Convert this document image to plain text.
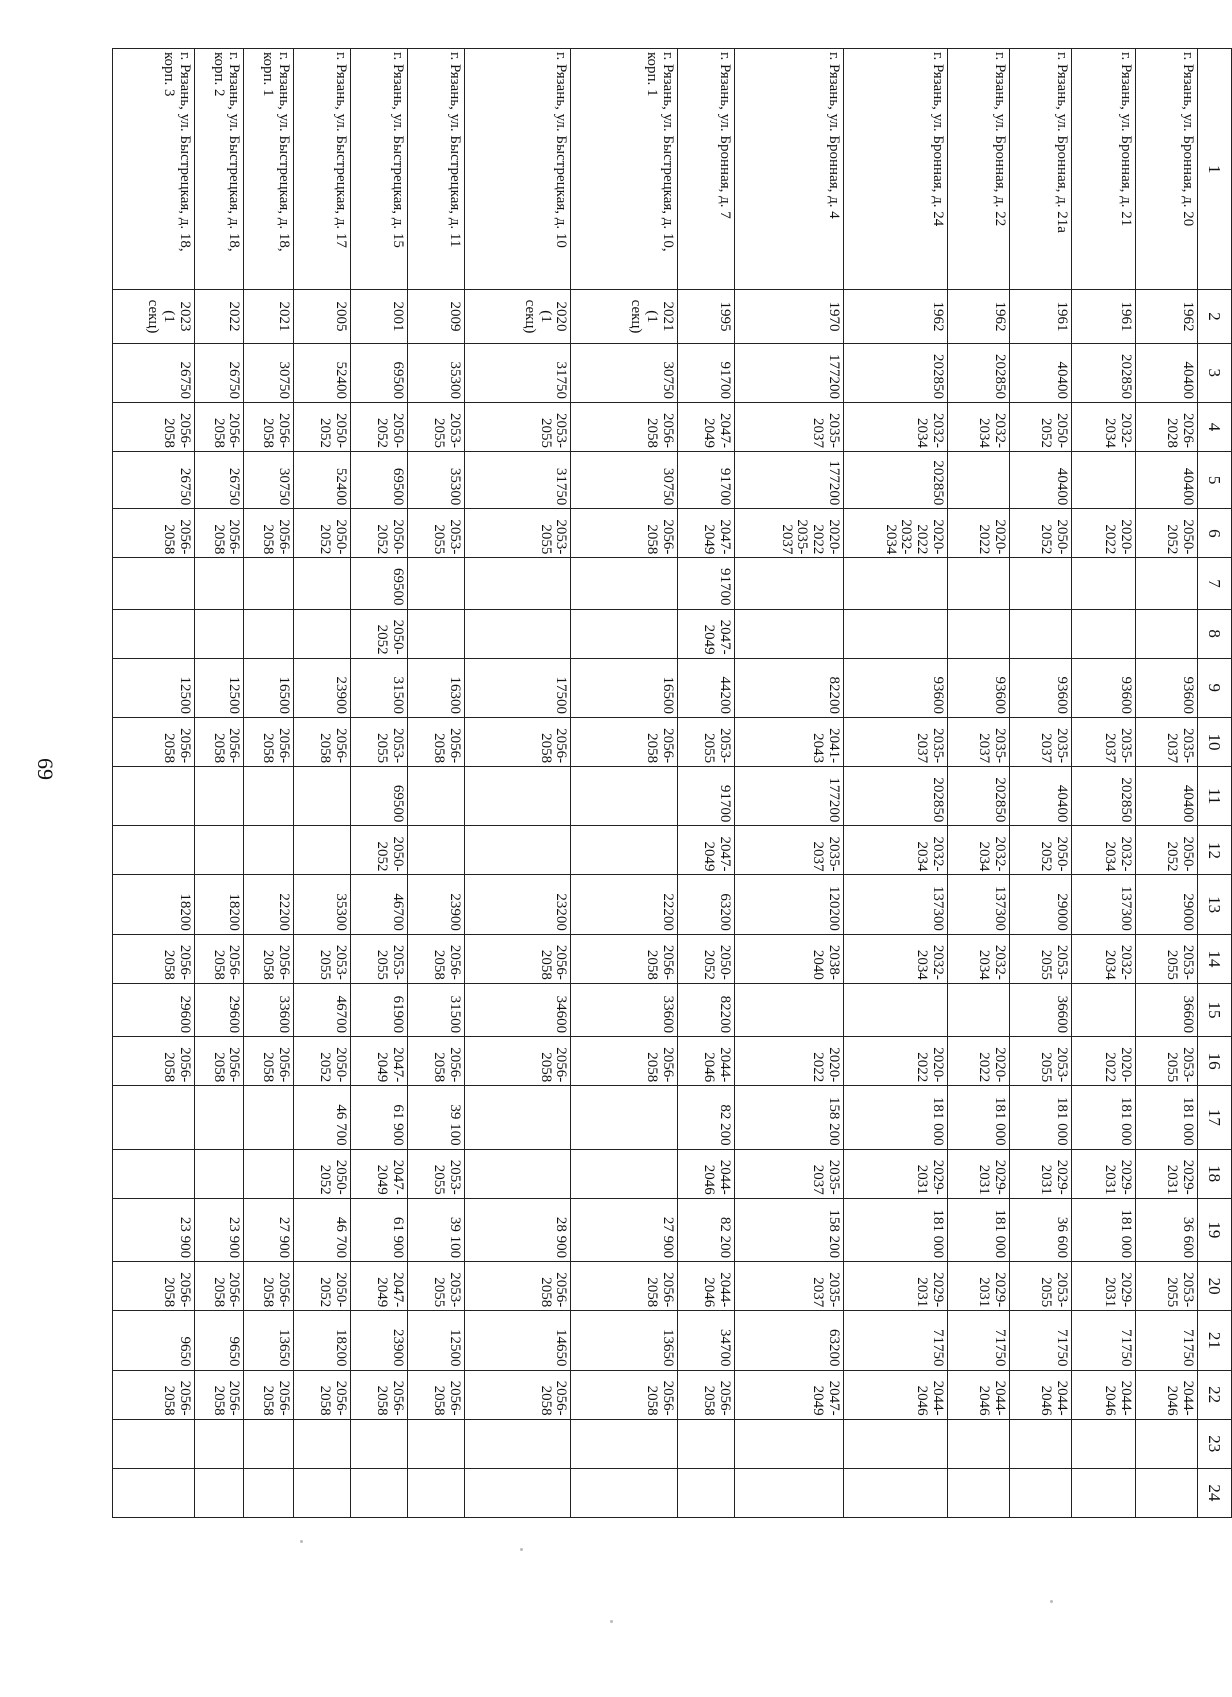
69
1	2	3	4	5	6	7	8	9	10	11	12	13	14	15	16	17	18	19	20	21	22	23	24
г. Рязань, ул. Бронная, д. 20	1962	40400	2026-2028	40400	2050-2052			93600	2035-2037	40400	2050-2052	29000	2053-2055	36600	2053-2055	181 000	2029-2031	36 600	2053-2055	71750	2044-2046		
г. Рязань, ул. Бронная, д. 21	1961	202850	2032-2034		2020-2022			93600	2035-2037	202850	2032-2034	137300	2032-2034		2020-2022	181 000	2029-2031	181 000	2029-2031	71750	2044-2046		
г. Рязань, ул. Бронная, д. 21а	1961	40400	2050-2052	40400	2050-2052			93600	2035-2037	40400	2050-2052	29000	2053-2055	36600	2053-2055	181 000	2029-2031	36 600	2053-2055	71750	2044-2046		
г. Рязань, ул. Бронная, д. 22	1962	202850	2032-2034		2020-2022			93600	2035-2037	202850	2032-2034	137300	2032-2034		2020-2022	181 000	2029-2031	181 000	2029-2031	71750	2044-2046		
г. Рязань, ул. Бронная, д. 24	1962	202850	2032-2034	202850	2020-2022 2032-2034			93600	2035-2037	202850	2032-2034	137300	2032-2034		2020-2022	181 000	2029-2031	181 000	2029-2031	71750	2044-2046		
г. Рязань, ул. Бронная, д. 4	1970	177200	2035-2037	177200	2020-2022 2035-2037			82200	2041-2043	177200	2035-2037	120200	2038-2040		2020-2022	158 200	2035-2037	158 200	2035-2037	63200	2047-2049		
г. Рязань, ул. Бронная, д. 7	1995	91700	2047-2049	91700	2047-2049	91700	2047-2049	44200	2053-2055	91700	2047-2049	63200	2050-2052	82200	2044-2046	82 200	2044-2046	82 200	2044-2046	34700	2056-2058		
г. Рязань, ул. Быстрецкая, д. 10, корп. 1	2021 (1 секц)	30750	2056-2058	30750	2056-2058			16500	2056-2058			22200	2056-2058	33600	2056-2058			27 900	2056-2058	13650	2056-2058		
г. Рязань, ул. Быстрецкая, д. 10	2020 (1 секц)	31750	2053-2055	31750	2053-2055			17500	2056-2058			23200	2056-2058	34600	2056-2058			28 900	2056-2058	14650	2056-2058		
г. Рязань, ул. Быстрецкая, д. 11	2009	35300	2053-2055	35300	2053-2055			16300	2056-2058			23900	2056-2058	31500	2056-2058	39 100	2053-2055	39 100	2053-2055	12500	2056-2058		
г. Рязань, ул. Быстрецкая, д. 15	2001	69500	2050-2052	69500	2050-2052	69500	2050-2052	31500	2053-2055	69500	2050-2052	46700	2053-2055	61900	2047-2049	61 900	2047-2049	61 900	2047-2049	23900	2056-2058		
г. Рязань, ул. Быстрецкая, д. 17	2005	52400	2050-2052	52400	2050-2052			23900	2056-2058			35300	2053-2055	46700	2050-2052	46 700	2050-2052	46 700	2050-2052	18200	2056-2058		
г. Рязань, ул. Быстрецкая, д. 18, корп. 1	2021	30750	2056-2058	30750	2056-2058			16500	2056-2058			22200	2056-2058	33600	2056-2058			27 900	2056-2058	13650	2056-2058		
г. Рязань, ул. Быстрецкая, д. 18, корп. 2	2022	26750	2056-2058	26750	2056-2058			12500	2056-2058			18200	2056-2058	29600	2056-2058			23 900	2056-2058	9650	2056-2058		
г. Рязань, ул. Быстрецкая, д. 18, корп. 3	2023 (1 секц)	26750	2056-2058	26750	2056-2058			12500	2056-2058			18200	2056-2058	29600	2056-2058			23 900	2056-2058	9650	2056-2058		
